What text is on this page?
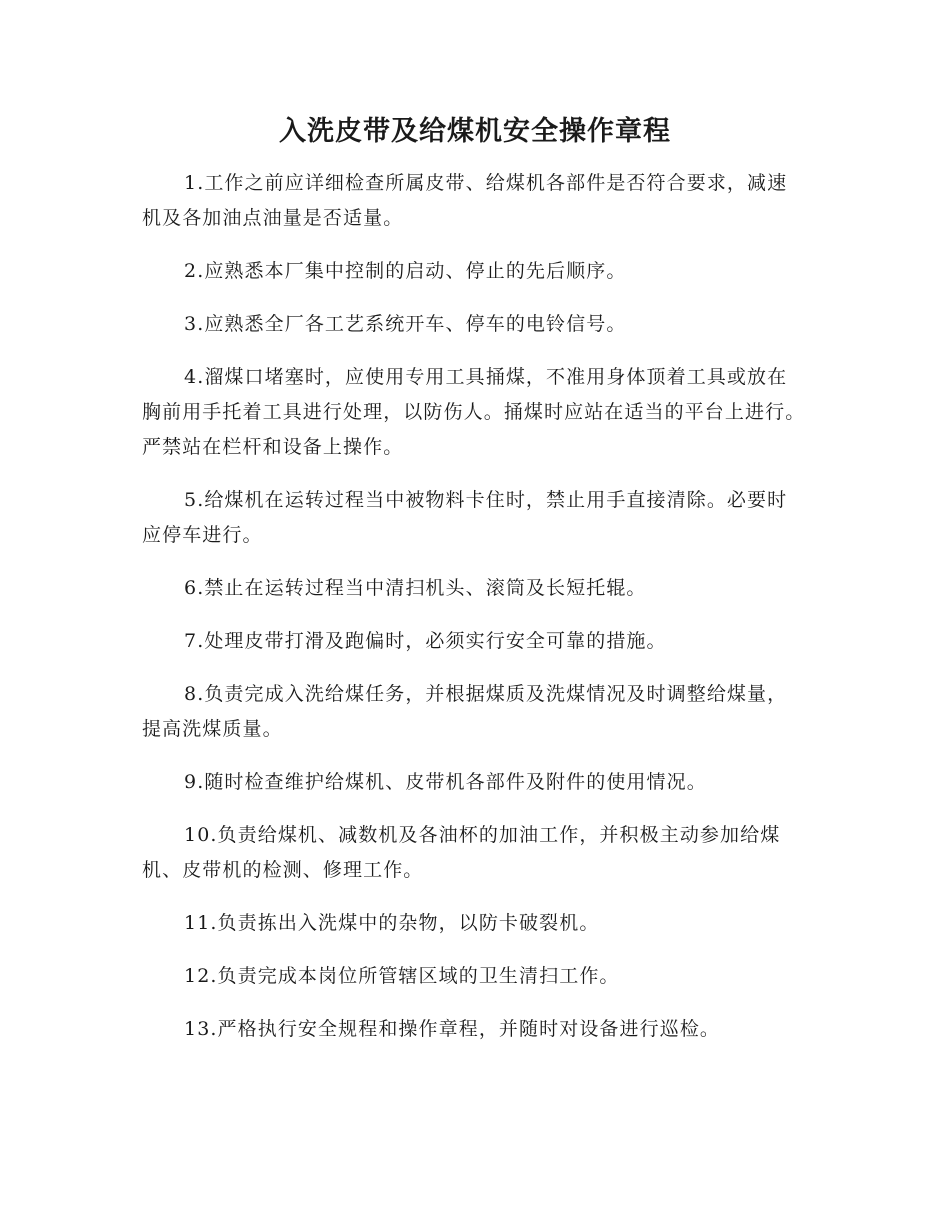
入洗皮带及给煤机安全操作章程

1.工作之前应详细检查所属皮带、给煤机各部件是否符合要求，减速机及各加油点油量是否适量。

2.应熟悉本厂集中控制的启动、停止的先后顺序。

3.应熟悉全厂各工艺系统开车、停车的电铃信号。

4.溜煤口堵塞时，应使用专用工具捅煤，不准用身体顶着工具或放在胸前用手托着工具进行处理，以防伤人。捅煤时应站在适当的平台上进行。严禁站在栏杆和设备上操作。

5.给煤机在运转过程当中被物料卡住时，禁止用手直接清除。必要时应停车进行。

6.禁止在运转过程当中清扫机头、滚筒及长短托辊。

7.处理皮带打滑及跑偏时，必须实行安全可靠的措施。

8.负责完成入洗给煤任务，并根据煤质及洗煤情况及时调整给煤量，提高洗煤质量。

9.随时检查维护给煤机、皮带机各部件及附件的使用情况。

10.负责给煤机、减数机及各油杯的加油工作，并积极主动参加给煤机、皮带机的检测、修理工作。

11.负责拣出入洗煤中的杂物，以防卡破裂机。

12.负责完成本岗位所管辖区域的卫生清扫工作。

13.严格执行安全规程和操作章程，并随时对设备进行巡检。
